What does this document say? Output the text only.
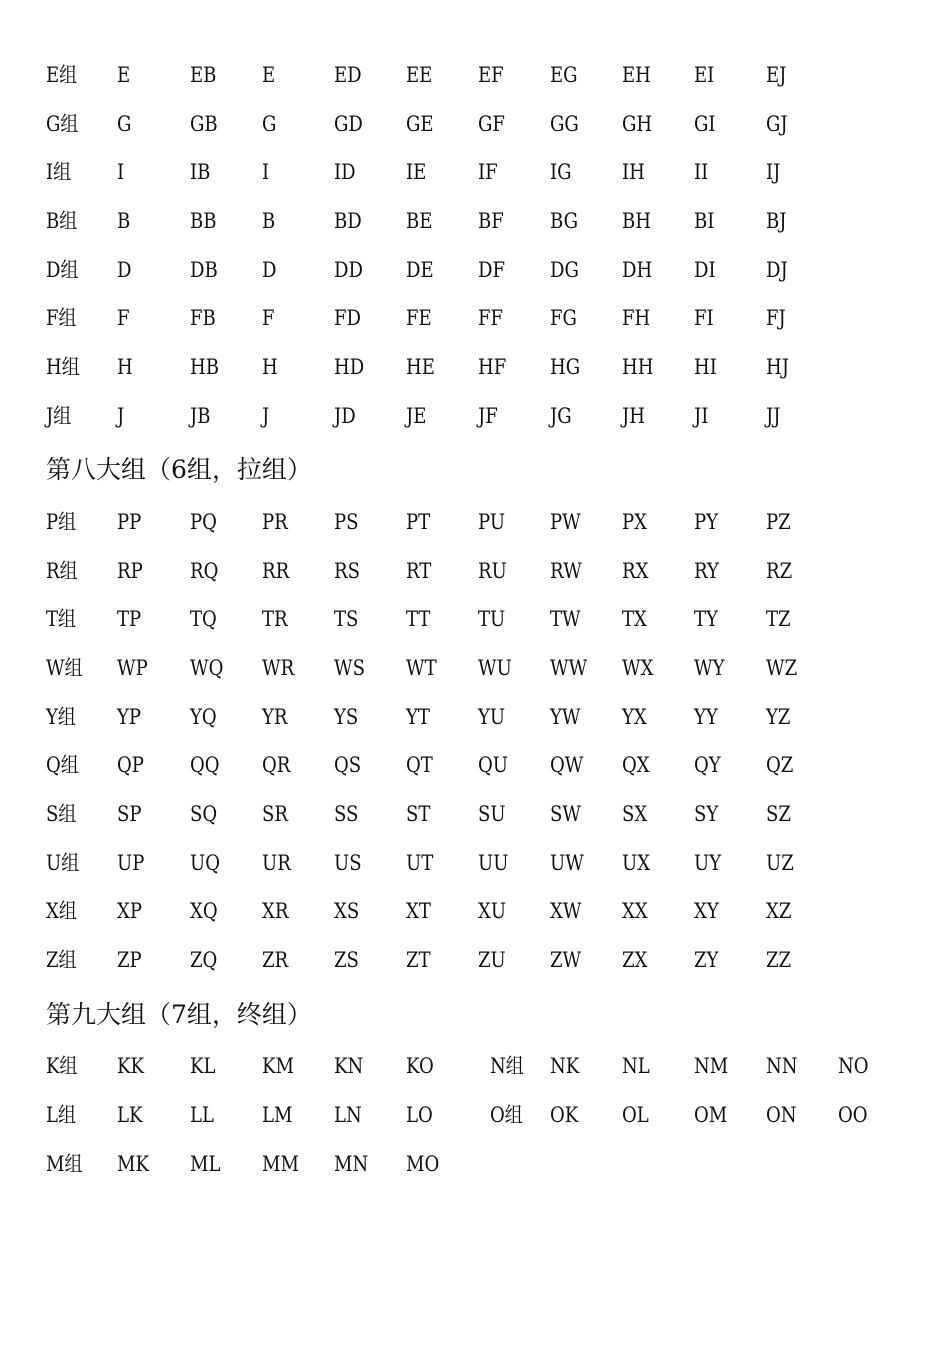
E组 E	EB E	ED EE EF EG EH EI EJ
G组 G	GB G	GD GE GF GG GH GI GJ
I组 I	IB I	ID IE IF IG IH II	IJ
B组 B	BB B	BD BE BF BG BH BI BJ
D组 D	DB D	DD DE DF DG DH DI DJ
F组 F	FB F	FD FE FF FG FH FI FJ
H组 H	HB H	HD HE HF HG HH HI HJ
J组 J	JB J	JD JE JF JG JH JI	JJ
第八大组（6组，拉组）
P组 PP PQ PR PS PT PU PW PX PY PZ
R组 RP RQ RR RS RT RU RW RX RY RZ
T组 TP TQ TR TS TT TU TW TX TY TZ
W组 WP WQ WR WS WT WU WW WX WY WZ
Y组 YP YQ YR YS YT YU YW YX YY YZ
Q组 QP QQ QR QS QT QU QW QX QY QZ
S组 SP SQ SR SS ST SU SW SX SY SZ
U组 UP UQ UR US UT UU UW UX UY UZ
X组 XP XQ XR XS XT XU XW XX XY XZ
Z组 ZP ZQ ZR ZS ZT ZU ZW ZX ZY ZZ
第九大组（7组，终组）
K组 KK KL KM KN KO	N组 NK NL NM NN NO
L组 LK LL LM LN LO	O组 OK OL OM ON OO
M组 MK ML MM MN MO
